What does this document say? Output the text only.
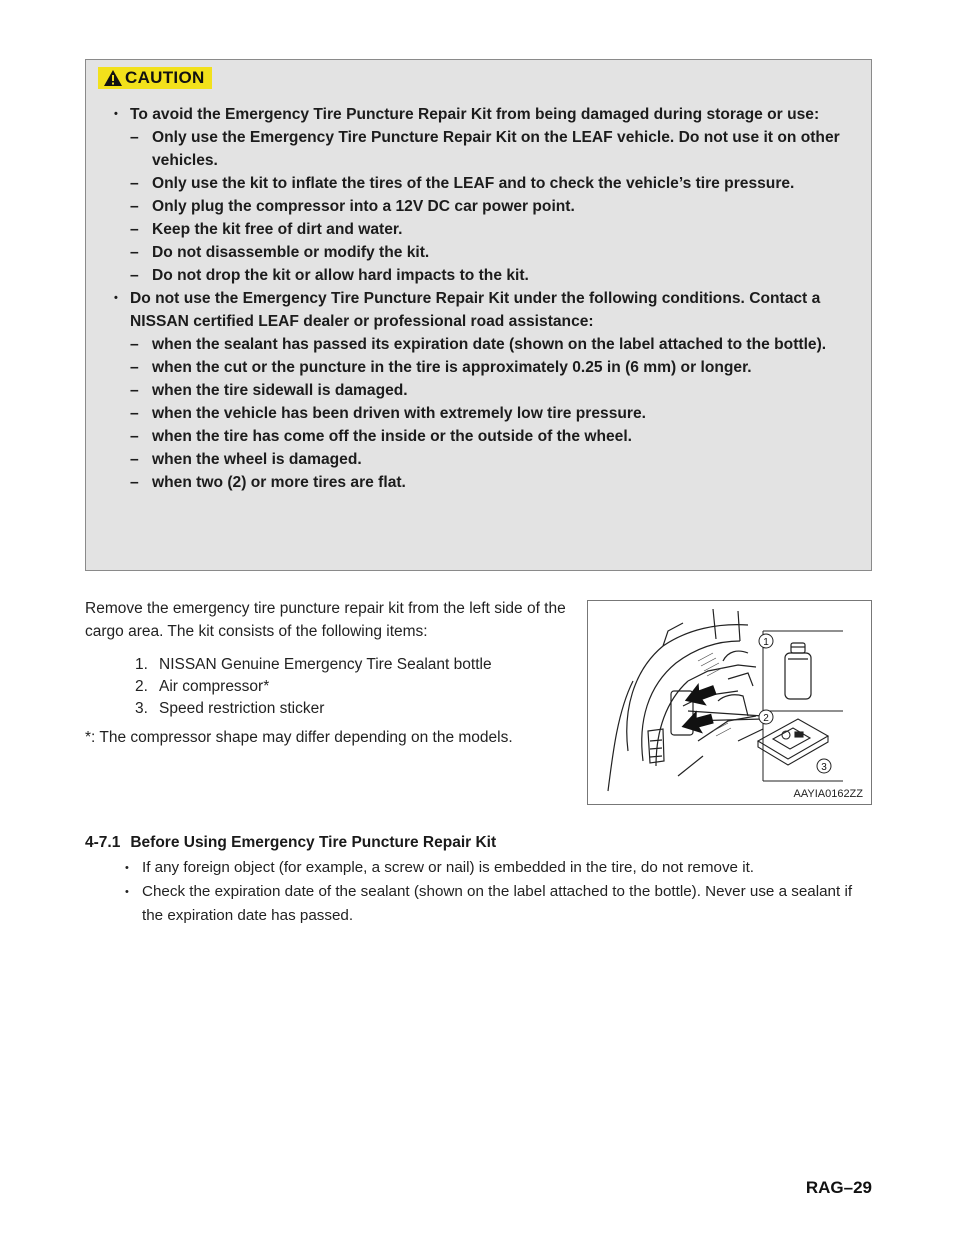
CAUTION

• To avoid the Emergency Tire Puncture Repair Kit from being damaged during storage or use:

– Only use the Emergency Tire Puncture Repair Kit on the LEAF vehicle. Do not use it on other vehicles.

– Only use the kit to inflate the tires of the LEAF and to check the vehicle’s tire pressure.

– Only plug the compressor into a 12V DC car power point.

– Keep the kit free of dirt and water.

– Do not disassemble or modify the kit.

– Do not drop the kit or allow hard impacts to the kit.

• Do not use the Emergency Tire Puncture Repair Kit under the following conditions. Contact a NISSAN certified LEAF dealer or professional road assistance:

– when the sealant has passed its expiration date (shown on the label attached to the bottle).

– when the cut or the puncture in the tire is approximately 0.25 in (6 mm) or longer.

– when the tire sidewall is damaged.

– when the vehicle has been driven with extremely low tire pressure.

– when the tire has come off the inside or the outside of the wheel.

– when the wheel is damaged.

– when two (2) or more tires are flat.

Remove the emergency tire puncture repair kit from the left side of the cargo area. The kit consists of the following items:

1. NISSAN Genuine Emergency Tire Sealant bottle
2. Air compressor*
3. Speed restriction sticker

*: The compressor shape may differ depending on the models.

1
2
3
AAYIA0162ZZ
4-7.1 Before Using Emergency Tire Puncture Repair Kit
• If any foreign object (for example, a screw or nail) is embedded in the tire, do not remove it.
• Check the expiration date of the sealant (shown on the label attached to the bottle). Never use a sealant if the expiration date has passed.
RAG–29
